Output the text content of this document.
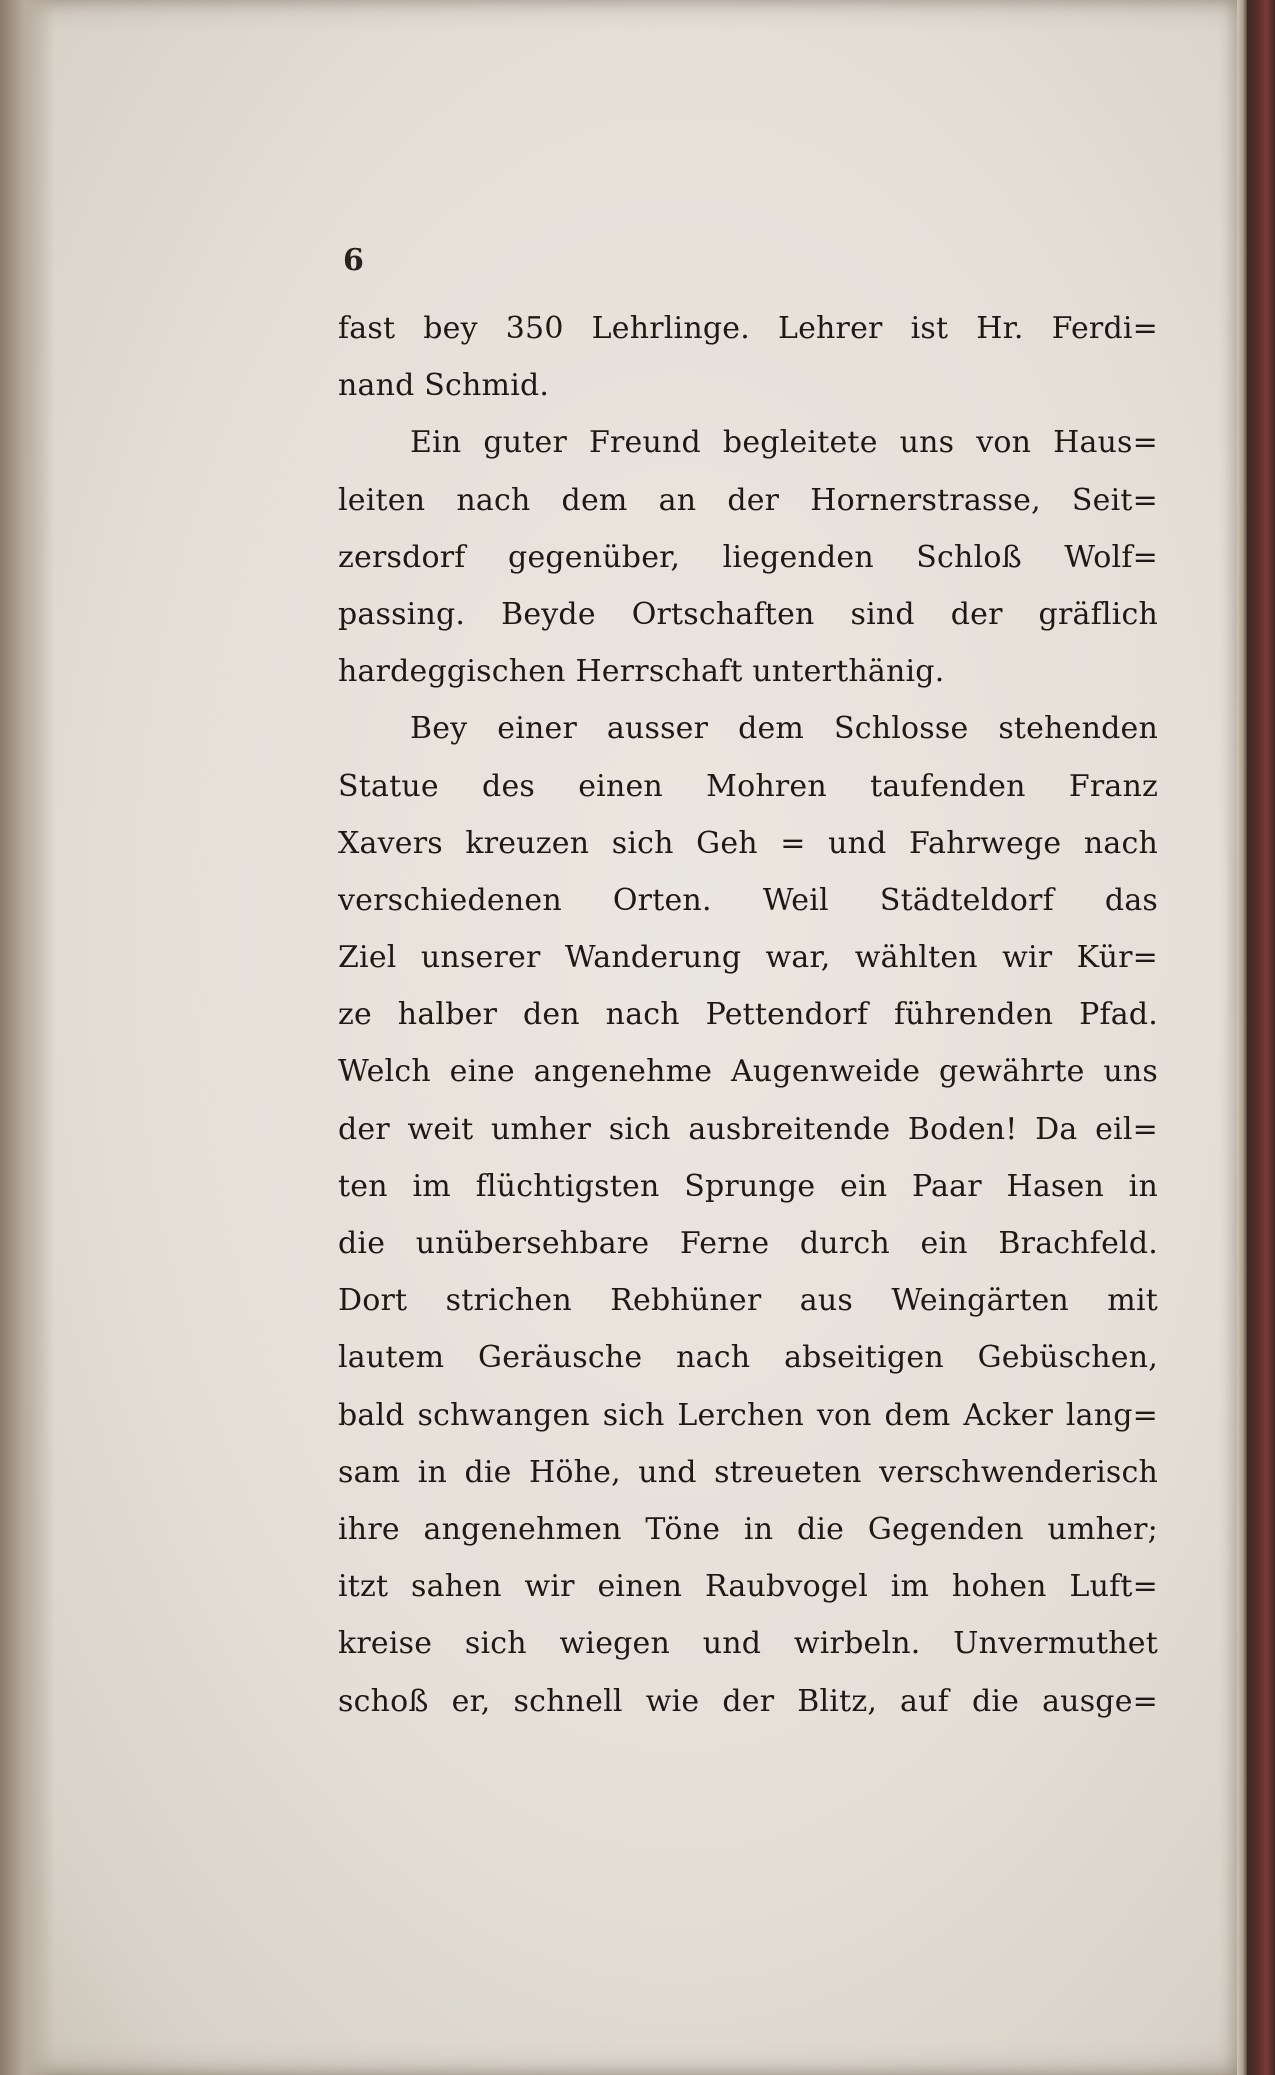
6
fast bey 350 Lehrlinge. Lehrer ist Hr. Ferdi=
nand Schmid.
Ein guter Freund begleitete uns von Haus=
leiten nach dem an der Hornerstrasse, Seit=
zersdorf gegenüber, liegenden Schloß Wolf=
passing. Beyde Ortschaften sind der gräflich
hardeggischen Herrschaft unterthänig.
Bey einer ausser dem Schlosse stehenden
Statue des einen Mohren taufenden Franz
Xavers kreuzen sich Geh = und Fahrwege nach
verschiedenen Orten. Weil Städteldorf das
Ziel unserer Wanderung war, wählten wir Kür=
ze halber den nach Pettendorf führenden Pfad.
Welch eine angenehme Augenweide gewährte uns
der weit umher sich ausbreitende Boden! Da eil=
ten im flüchtigsten Sprunge ein Paar Hasen in
die unübersehbare Ferne durch ein Brachfeld.
Dort strichen Rebhüner aus Weingärten mit
lautem Geräusche nach abseitigen Gebüschen,
bald schwangen sich Lerchen von dem Acker lang=
sam in die Höhe, und streueten verschwenderisch
ihre angenehmen Töne in die Gegenden umher;
itzt sahen wir einen Raubvogel im hohen Luft=
kreise sich wiegen und wirbeln. Unvermuthet
schoß er, schnell wie der Blitz, auf die ausge=
